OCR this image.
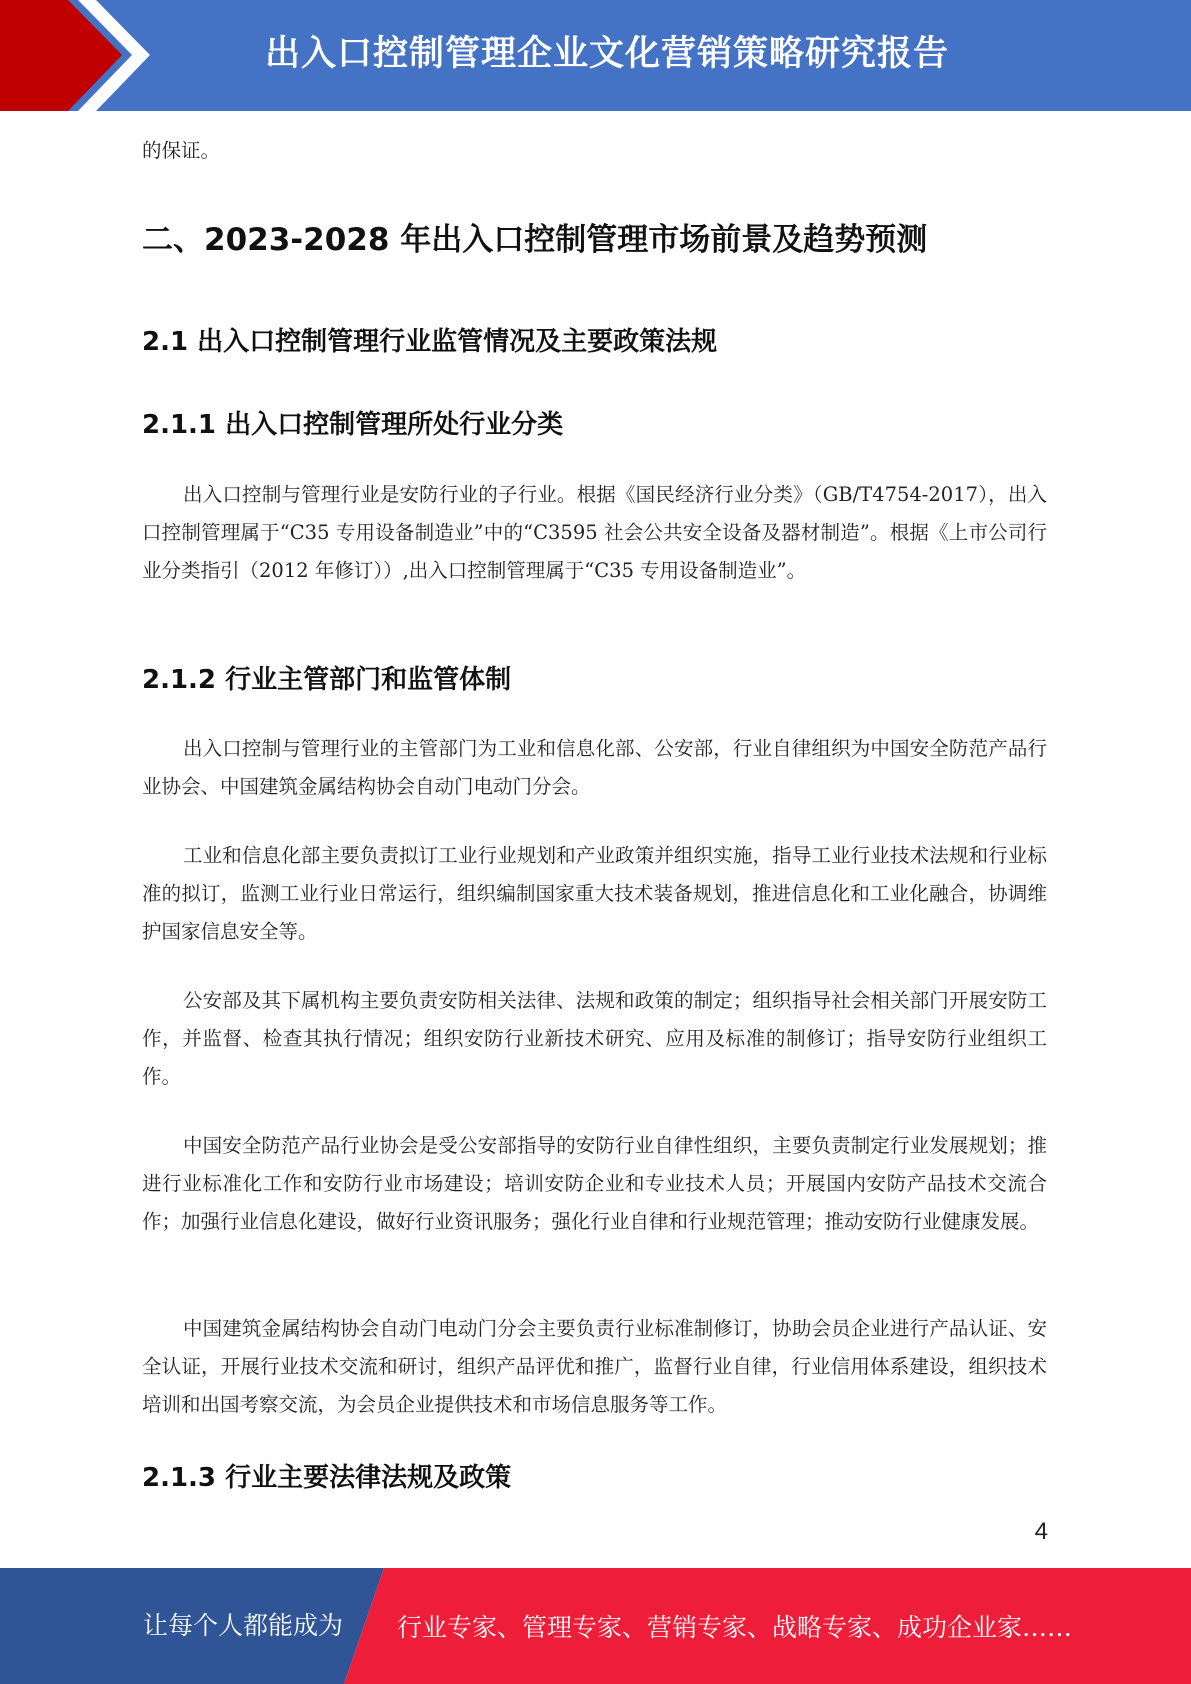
出入口控制管理企业文化营销策略研究报告

的保证。

二、2023-2028 年出入口控制管理市场前景及趋势预测
2.1 出入口控制管理行业监管情况及主要政策法规
2.1.1 出入口控制管理所处行业分类

出入口控制与管理行业是安防行业的子行业。根据《国民经济行业分类》（GB/T4754-2017），出入口控制管理属于“C35 专用设备制造业”中的“C3595 社会公共安全设备及器材制造”。根据《上市公司行业分类指引（2012 年修订））,出入口控制管理属于“C35 专用设备制造业”。

2.1.2 行业主管部门和监管体制

出入口控制与管理行业的主管部门为工业和信息化部、公安部，行业自律组织为中国安全防范产品行业协会、中国建筑金属结构协会自动门电动门分会。

工业和信息化部主要负责拟订工业行业规划和产业政策并组织实施，指导工业行业技术法规和行业标准的拟订，监测工业行业日常运行，组织编制国家重大技术装备规划，推进信息化和工业化融合，协调维护国家信息安全等。

公安部及其下属机构主要负责安防相关法律、法规和政策的制定；组织指导社会相关部门开展安防工作，并监督、检查其执行情况；组织安防行业新技术研究、应用及标准的制修订；指导安防行业组织工作。

中国安全防范产品行业协会是受公安部指导的安防行业自律性组织，主要负责制定行业发展规划；推进行业标准化工作和安防行业市场建设；培训安防企业和专业技术人员；开展国内安防产品技术交流合作；加强行业信息化建设，做好行业资讯服务；强化行业自律和行业规范管理；推动安防行业健康发展。

中国建筑金属结构协会自动门电动门分会主要负责行业标准制修订，协助会员企业进行产品认证、安全认证，开展行业技术交流和研讨，组织产品评优和推广，监督行业自律，行业信用体系建设，组织技术培训和出国考察交流，为会员企业提供技术和市场信息服务等工作。

2.1.3 行业主要法律法规及政策
4
让每个人都能成为 行业专家、管理专家、营销专家、战略专家、成功企业家……
